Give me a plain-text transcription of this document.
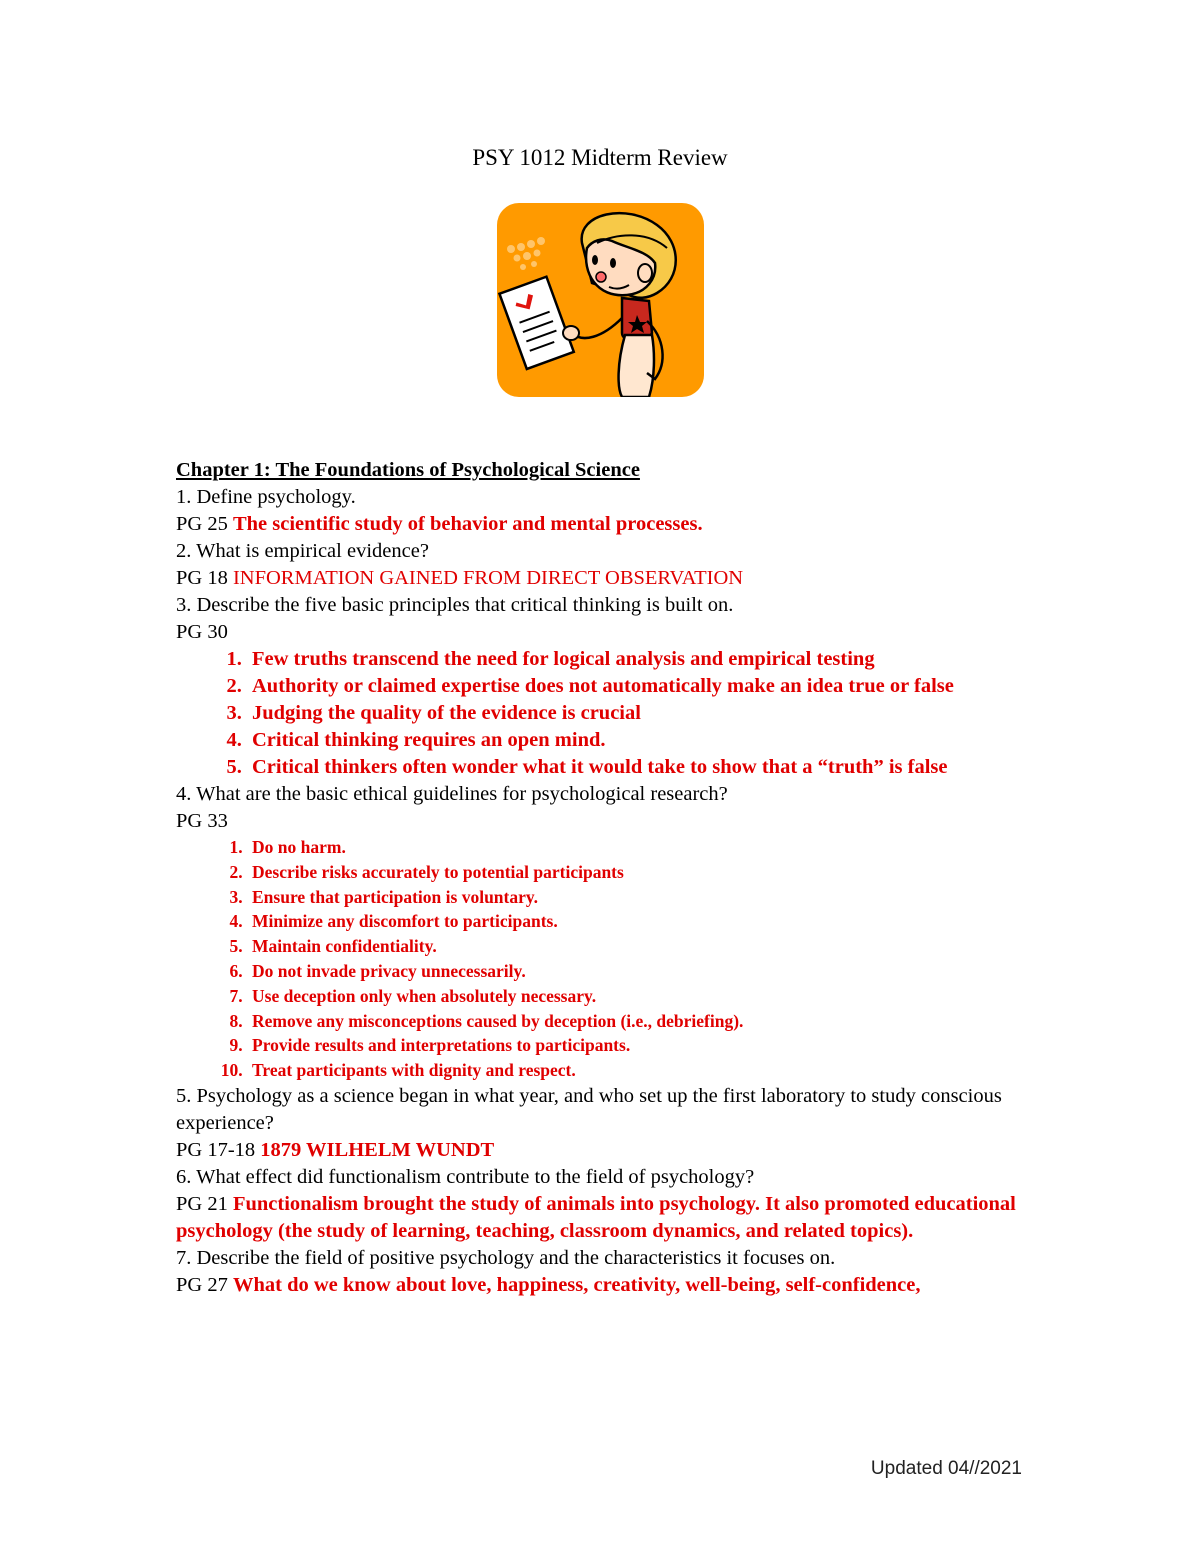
PSY 1012 Midterm Review
Chapter 1: The Foundations of Psychological Science
1. Define psychology.
PG 25 The scientific study of behavior and mental processes.
2. What is empirical evidence?
PG 18 INFORMATION GAINED FROM DIRECT OBSERVATION
3. Describe the five basic principles that critical thinking is built on.
PG 30
1. Few truths transcend the need for logical analysis and empirical testing
2. Authority or claimed expertise does not automatically make an idea true or false
3. Judging the quality of the evidence is crucial
4. Critical thinking requires an open mind.
5. Critical thinkers often wonder what it would take to show that a “truth” is false
4. What are the basic ethical guidelines for psychological research?
PG 33
1. Do no harm.
2. Describe risks accurately to potential participants
3. Ensure that participation is voluntary.
4. Minimize any discomfort to participants.
5. Maintain confidentiality.
6. Do not invade privacy unnecessarily.
7. Use deception only when absolutely necessary.
8. Remove any misconceptions caused by deception (i.e., debriefing).
9. Provide results and interpretations to participants.
10. Treat participants with dignity and respect.
5. Psychology as a science began in what year, and who set up the first laboratory to study conscious experience?
PG 17-18 1879 WILHELM WUNDT
6. What effect did functionalism contribute to the field of psychology?
PG 21 Functionalism brought the study of animals into psychology. It also promoted educational psychology (the study of learning, teaching, classroom dynamics, and related topics).
7. Describe the field of positive psychology and the characteristics it focuses on.
PG 27 What do we know about love, happiness, creativity, well-being, self-confidence,
Updated 04//2021
